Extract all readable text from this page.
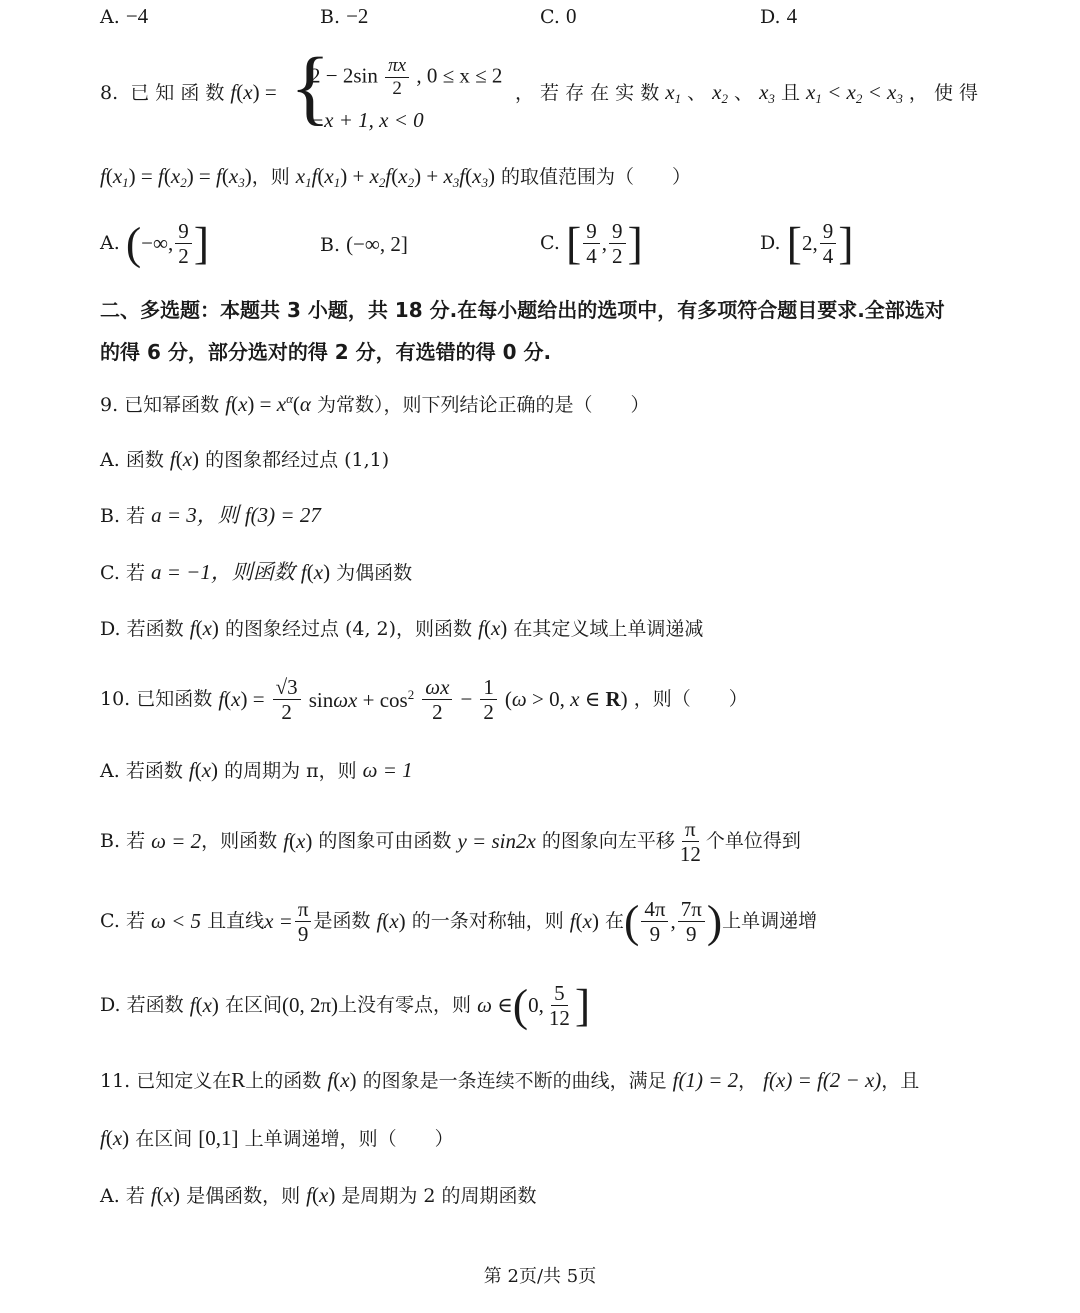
A. −4	B. −2	C. 0	D. 4
8. 已 知 函 数 f(x) = {
$2 - 2\sin \frac{\pi x}{2}$ , 0 ≤ x ≤ 2
−x + 1, x < 0
， 若 存 在 实 数 $x_1$ 、 $x_2$ 、 $x_3$ 且 $x_1 < x_2 < x_3$ ， 使 得
$f(x_1) = f(x_2) = f(x_3)$，则 $x_1f(x_1) + x_2f(x_2) + x_3f(x_3)$ 的取值范围为（　　）
A. (−∞, $\frac{9}{2}$ ]	B. (−∞, 2]	C. [ $\frac{9}{4}$ , $\frac{9}{2}$ ]	D. [2, $\frac{9}{4}$ ]
二、多选题：本题共 3 小题，共 18 分.在每小题给出的选项中，有多项符合题目要求.全部选对
的得 6 分，部分选对的得 2 分，有选错的得 0 分.
9. 已知幂函数 $f(x) = x^\alpha(\alpha$ 为常数），则下列结论正确的是（　　）
A. 函数 f(x) 的图象都经过点 (1,1)
B. 若 a = 3，则 f(3) = 27
C. 若 a = −1，则函数 f(x) 为偶函数
D. 若函数 f(x) 的图象经过点 (4, 2)，则函数 f(x) 在其定义域上单调递减
10. 已知函数 $f(x) = \frac{√3}{2}$ $\sin\omega x + \cos^2 \frac{\omega x}{2} - \frac{1}{2} (\omega > 0$, x ∈ R) ，则（　　）
A. 若函数 f(x) 的周期为 π，则 ω = 1
B. 若 ω = 2，则函数 f(x) 的图象可由函数 y = sin2x 的图象向左平移 $\frac{\pi}{12}$ 个单位得到
C. 若 ω < 5 且直线$x = \frac{\pi}{9}$ 是函数 f(x) 的一条对称轴，则 f(x) 在( $\frac{4\pi}{9}$ , $\frac{7\pi}{9}$ )上单调递增
D. 若函数 f(x) 在区间(0, 2π)上没有零点，则 ω ∈(0, $\frac{5}{12}$ ]
11. 已知定义在R上的函数 f(x) 的图象是一条连续不断的曲线，满足 f(1) = 2， f(x) = f(2 − x)，且
f(x) 在区间 [0,1] 上单调递增，则（　　）
A. 若 f(x) 是偶函数，则 f(x) 是周期为 2 的周期函数
第 2页/共 5页
